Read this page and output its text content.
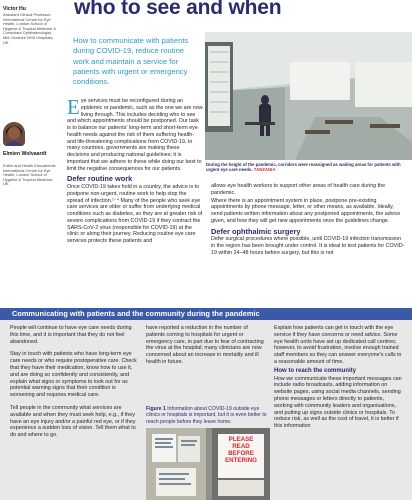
Victor Hu
Assistant Clinical Professor: International Centre for Eye Health, London School of Hygiene & Tropical Medicine & Consultant Ophthalmologist, Mid Cheshire NHS Hospitals, UK.
Elmien Wolvaardt
Editor and Health Educationist: International Centre for Eye Health, London School of Hygiene & Tropical Medicine, UK.
who to see and when
How to communicate with patients during COVID-19, reduce routine work and maintain a service for patients with urgent or emergency conditions.
During the height of the pandemic, corridors were reassigned as waiting areas for patients with urgent eye care needs. TANZANIA

Eye services must be reconfigured during an epidemic or pandemic, such as the one we are now living through. This includes deciding who to see and which appointments should be postponed. Our task is to balance our patients' long-term and short-term eye health needs against the risk of them suffering health- and life-threatening complications from COVID-19. In many countries, governments are making these decisions and producing national guidelines; it is important that we adhere to these while doing our best to limit the negative consequences for our patients.

Defer routine work

Once COVID-19 takes hold in a country, the advice is to postpone non-urgent, routine work to help stop the spread of infection.¹⁻⁴ Many of the people who seek eye care services are older or suffer from underlying medical conditions such as diabetes, so they are at greater risk of severe complications from COVID-19 if they contract the SARS-CoV-2 virus (responsible for COVID-19) at the clinic or along their journey. Reducing routine eye care services protects these patients and

allows eye health workers to support other areas of health care during the pandemic.

Where there is an appointment system in place, postpone pre-existing appointments by phone message, letter, or other means, as available. Ideally, send patients written information about any postponed appointments, the advice given, and how they will get new appointments once the guidelines change.

Defer ophthalmic surgery

Defer surgical procedures where possible, until COVID-19 infection transmission in the region has been brought under control. It is ideal to test patients for COVID-19 within 24–48 hours before surgery, but this is not

Communicating with patients and the community during the pandemic

People will continue to have eye care needs during this time, and it is important that they do not feel abandoned.

Stay in touch with patients who have long-term eye care needs or who require postoperative care. Check that they have their medication, know how to use it, and are doing so confidently and consistently, and explain what signs or symptoms to look out for as potential warning signs that their condition is worsening and requires medical care.

Tell people in the community what services are available and when they must seek help, e.g., if they have an eye injury and/or a painful red eye, or if they experience a sudden loss of vision. Tell them what to do and where to go.

have reported a reduction in the number of patients coming to hospitals for urgent or emergency care, in part due to fear of contracting the virus at the hospital; many clinicians are now concerned about an increase in mortality and ill health in future.

Explain how patients can get in touch with the eye service if they have concerns or need advice. Some eye health units have set up dedicated call centres; however, to avoid frustration, involve enough trained staff members so they can answer everyone's calls in a reasonable amount of time.

How to reach the community

How we communicate these important messages can include radio broadcasts, adding information on website pages, using social media channels, sending phone messages or letters directly to patients, working with community leaders and organisations, and putting up signs outside clinics or hospitals. To reduce risk, as well as the cost of travel, it is better if this information

Figure 1 Information about COVID-19 outside eye clinics or hospitals is important, but it is even better to reach people before they leave home.
PLEASE READ BEFORE ENTERING
